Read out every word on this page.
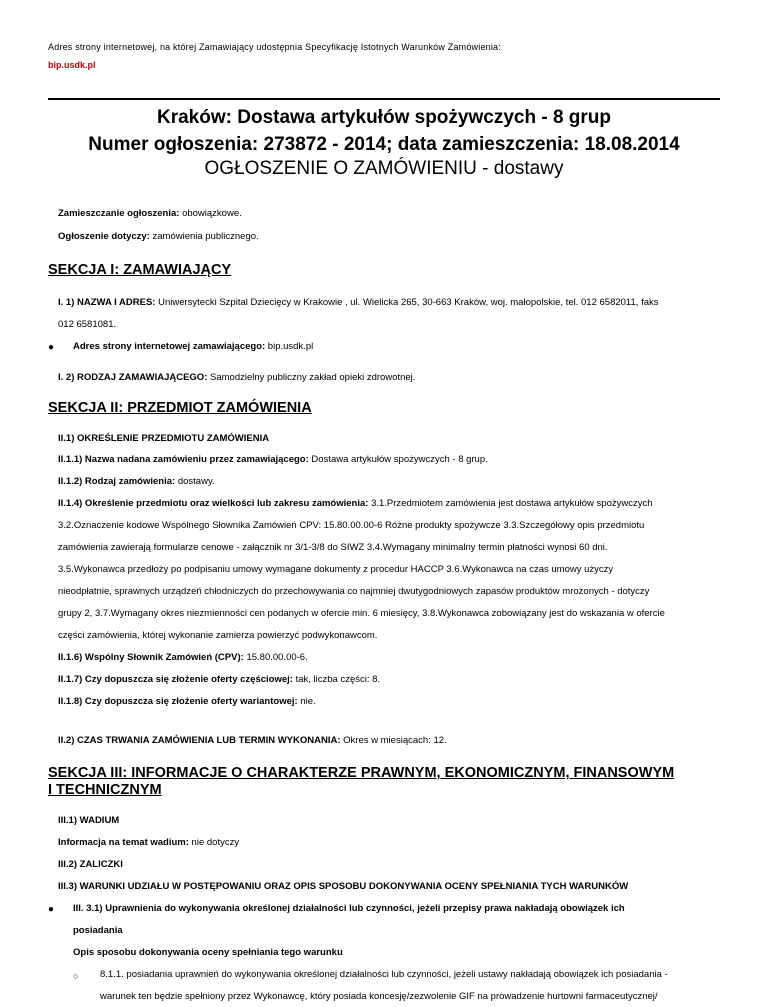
Adres strony internetowej, na której Zamawiający udostępnia Specyfikację Istotnych Warunków Zamówienia:
bip.usdk.pl
Kraków: Dostawa artykułów spożywczych - 8 grup
Numer ogłoszenia: 273872 - 2014; data zamieszczenia: 18.08.2014
OGŁOSZENIE O ZAMÓWIENIU - dostawy
Zamieszczanie ogłoszenia: obowiązkowe.
Ogłoszenie dotyczy: zamówienia publicznego.
SEKCJA I: ZAMAWIAJĄCY
I. 1) NAZWA I ADRES: Uniwersytecki Szpital Dziecięcy w Krakowie , ul. Wielicka 265, 30-663 Kraków, woj. małopolskie, tel. 012 6582011, faks
012 6581081.
● Adres strony internetowej zamawiającego: bip.usdk.pl
I. 2) RODZAJ ZAMAWIAJĄCEGO: Samodzielny publiczny zakład opieki zdrowotnej.
SEKCJA II: PRZEDMIOT ZAMÓWIENIA
II.1) OKREŚLENIE PRZEDMIOTU ZAMÓWIENIA
II.1.1) Nazwa nadana zamówieniu przez zamawiającego: Dostawa artykułów spożywczych - 8 grup.
II.1.2) Rodzaj zamówienia: dostawy.
II.1.4) Określenie przedmiotu oraz wielkości lub zakresu zamówienia: 3.1.Przedmiotem zamówienia jest dostawa artykułów spożywczych
3.2.Oznaczenie kodowe Wspólnego Słownika Zamówień CPV: 15.80.00.00-6 Różne produkty spożywcze 3.3.Szczegółowy opis przedmiotu
zamówienia zawierają formularze cenowe - załącznik nr 3/1-3/8 do SIWZ 3.4.Wymagany minimalny termin płatności wynosi 60 dni.
3.5.Wykonawca przedłoży po podpisaniu umowy wymagane dokumenty z procedur HACCP 3.6.Wykonawca na czas umowy użyczy
nieodpłatnie, sprawnych urządzeń chłodniczych do przechowywania co najmniej dwutygodniowych zapasów produktów mrożonych - dotyczy
grupy 2, 3.7.Wymagany okres niezmienności cen podanych w ofercie min. 6 miesięcy, 3.8.Wykonawca zobowiązany jest do wskazania w ofercie
części zamówienia, której wykonanie zamierza powierzyć podwykonawcom.
II.1.6) Wspólny Słownik Zamówień (CPV): 15.80.00.00-6.
II.1.7) Czy dopuszcza się złożenie oferty częściowej: tak, liczba części: 8.
II.1.8) Czy dopuszcza się złożenie oferty wariantowej: nie.
II.2) CZAS TRWANIA ZAMÓWIENIA LUB TERMIN WYKONANIA: Okres w miesiącach: 12.
SEKCJA III: INFORMACJE O CHARAKTERZE PRAWNYM, EKONOMICZNYM, FINANSOWYM
I TECHNICZNYM
III.1) WADIUM
Informacja na temat wadium: nie dotyczy
III.2) ZALICZKI
III.3) WARUNKI UDZIAŁU W POSTĘPOWANIU ORAZ OPIS SPOSOBU DOKONYWANIA OCENY SPEŁNIANIA TYCH WARUNKÓW
● III. 3.1) Uprawnienia do wykonywania określonej działalności lub czynności, jeżeli przepisy prawa nakładają obowiązek ich
posiadania
Opis sposobu dokonywania oceny spełniania tego warunku
○ 8.1.1. posiadania uprawnień do wykonywania określonej działalności lub czynności, jeżeli ustawy nakładają obowiązek ich posiadania -
warunek ten będzie spełniony przez Wykonawcę, który posiada koncesję/zezwolenie GIF na prowadzenie hurtowni farmaceutycznej/
